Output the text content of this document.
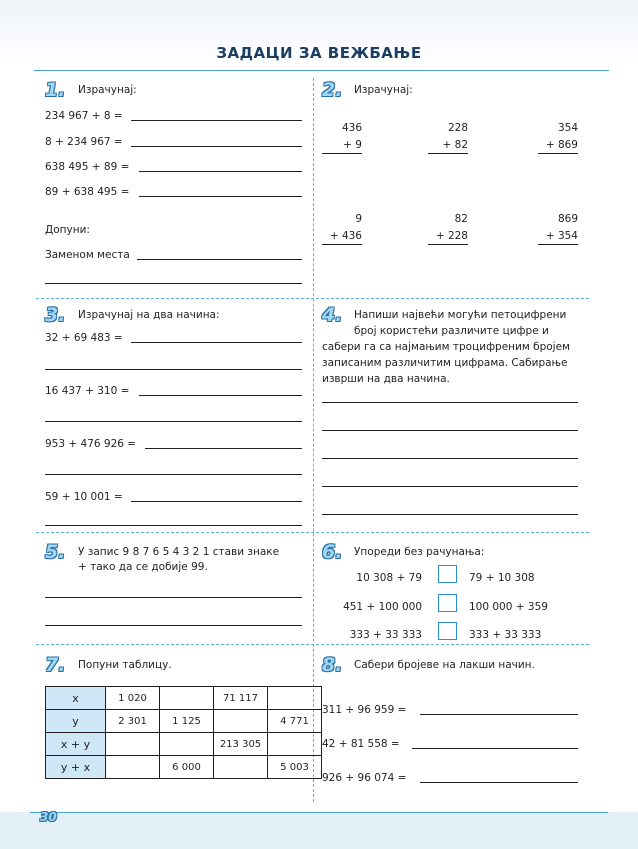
ЗАДАЦИ ЗА ВЕЖБАЊЕ
1. Израчунај:
234 967 + 8 =
8 + 234 967 =
638 495 + 89 =
89 + 638 495 =
Допуни:
Заменом места
2. Израчунај:
436
+ 9
228
+ 82
354
+ 869
9
+ 436
82
+ 228
869
+ 354
3. Израчунај на два начина:
32 + 69 483 =
16 437 + 310 =
953 + 476 926 =
59 + 10 001 =
4. Напиши највећи могући петоцифрени
број користећи различите цифре и
сабери га са најмањим троцифреним бројем
записаним различитим цифрама. Сабирање
изврши на два начина.
5. У запис 9 8 7 6 5 4 3 2 1 стави знаке
+ тако да се добије 99.
6. Упореди без рачунања:
10 308 + 79	79 + 10 308
451 + 100 000	100 000 + 359
333 + 33 333	333 + 33 333
7. Попуни таблицу.
x	1 020		71 117	
y	2 301	1 125		4 771
x + y			213 305	
y + x		6 000		5 003
8. Сабери бројеве на лакши начин.
311 + 96 959 =
42 + 81 558 =
926 + 96 074 =
30
